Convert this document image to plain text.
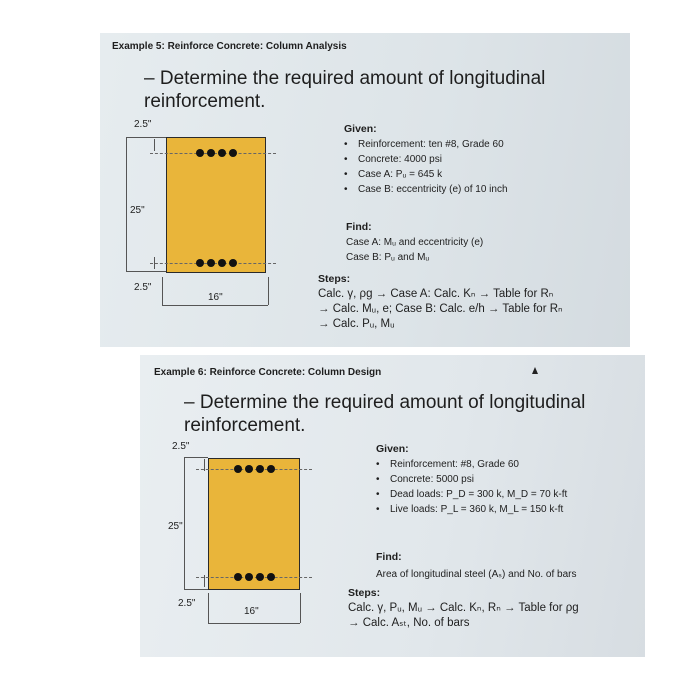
Example 5: Reinforce Concrete: Column Analysis
– Determine the required amount of longitudinal reinforcement.
2.5"
25"
2.5"
16"
Given:
•	Reinforcement: ten #8, Grade 60
•	Concrete: 4000 psi
•	Case A: Pᵤ = 645 k
•	Case B: eccentricity (e) of 10 inch
Find:
Case A: Mᵤ and eccentricity (e)
Case B: Pᵤ and Mᵤ
Steps:
Calc. γ, ρg → Case A: Calc. Kₙ → Table for Rₙ
→ Calc. Mᵤ, e; Case B: Calc. e/h → Table for Rₙ
→ Calc. Pᵤ, Mᵤ
Example 6: Reinforce Concrete: Column Design
– Determine the required amount of longitudinal reinforcement.
2.5"
25"
2.5"
16"
Given:
•	Reinforcement: #8, Grade 60
•	Concrete: 5000 psi
•	Dead loads: P_D = 300 k, M_D = 70 k-ft
•	Live loads: P_L = 360 k, M_L = 150 k-ft
Find:
Area of longitudinal steel (Aₛ) and No. of bars
Steps:
Calc. γ, Pᵤ, Mᵤ → Calc. Kₙ, Rₙ → Table for ρg
→ Calc. Aₛₜ, No. of bars
